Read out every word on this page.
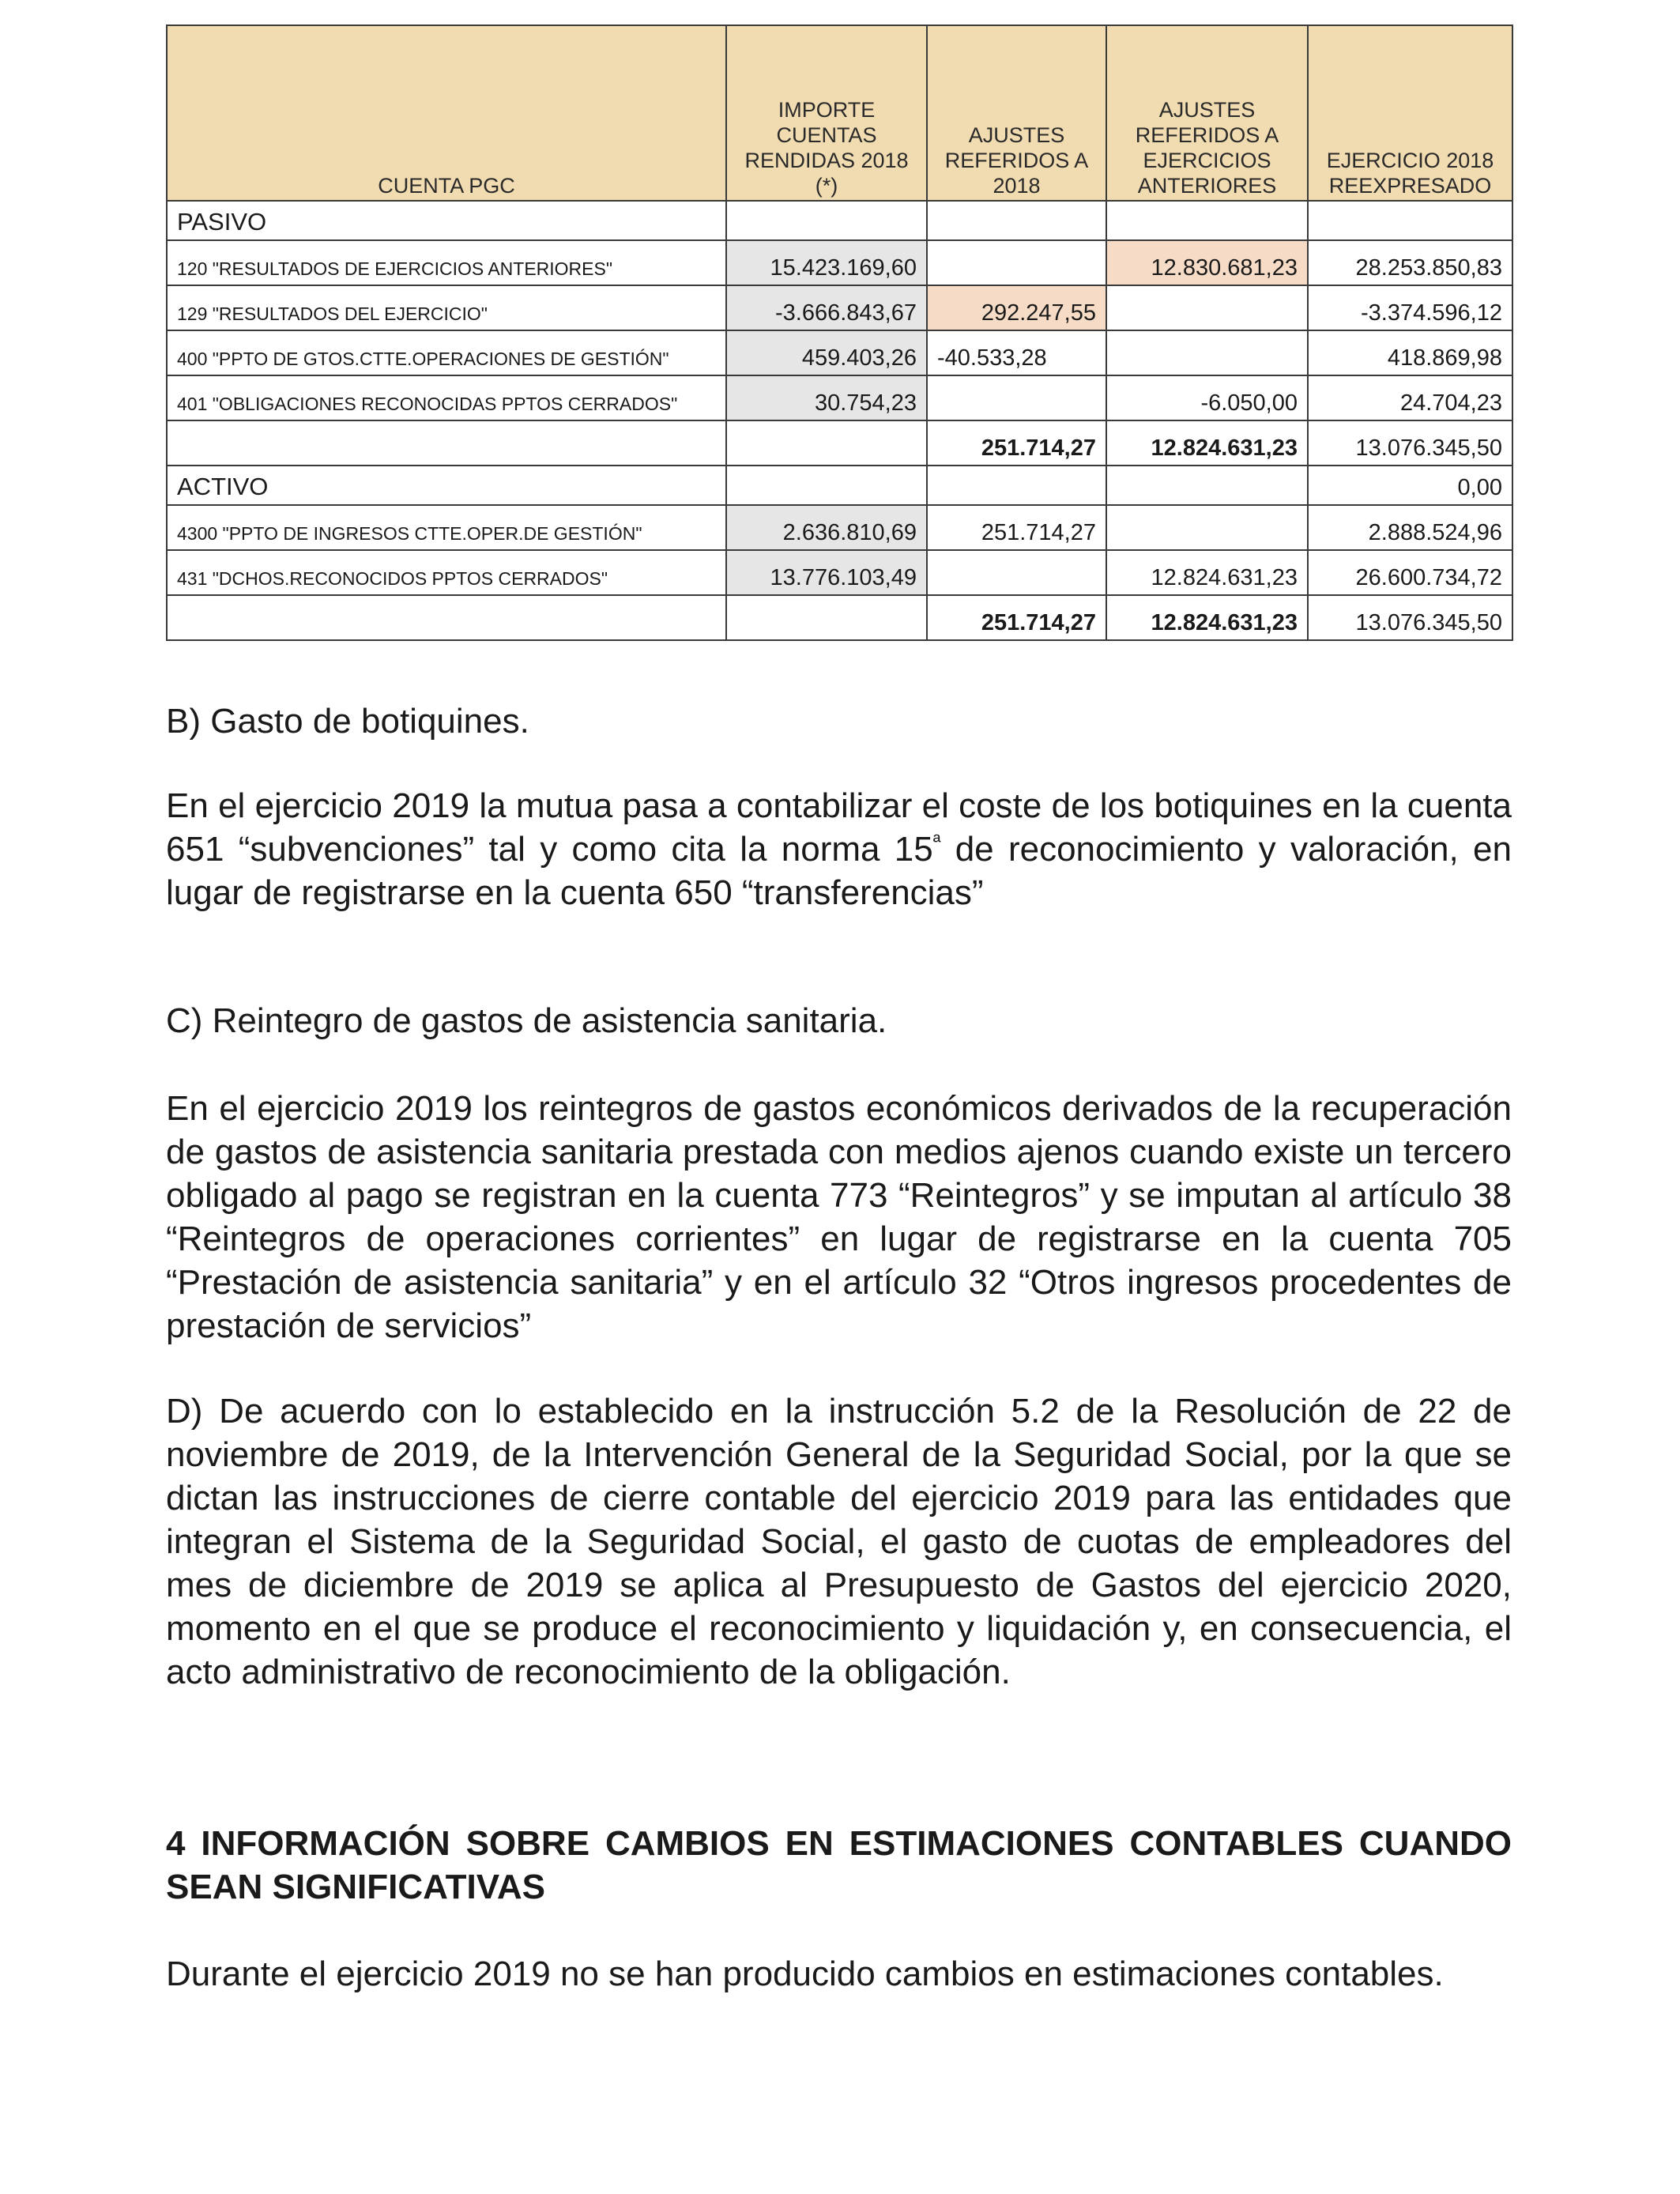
CUENTA PGC	IMPORTE
CUENTAS
RENDIDAS 2018
(*)	AJUSTES
REFERIDOS A
2018	AJUSTES
REFERIDOS A
EJERCICIOS
ANTERIORES	EJERCICIO 2018
REEXPRESADO
PASIVO				
120 "RESULTADOS DE EJERCICIOS ANTERIORES"	15.423.169,60		12.830.681,23	28.253.850,83
129 "RESULTADOS DEL EJERCICIO"	-3.666.843,67	292.247,55		-3.374.596,12
400 "PPTO DE GTOS.CTTE.OPERACIONES DE GESTIÓN"	459.403,26	-40.533,28		418.869,98
401 "OBLIGACIONES RECONOCIDAS PPTOS CERRADOS"	30.754,23		-6.050,00	24.704,23
		251.714,27	12.824.631,23	13.076.345,50
ACTIVO				0,00
4300 "PPTO DE INGRESOS CTTE.OPER.DE GESTIÓN"	2.636.810,69	251.714,27		2.888.524,96
431 "DCHOS.RECONOCIDOS PPTOS CERRADOS"	13.776.103,49		12.824.631,23	26.600.734,72
		251.714,27	12.824.631,23	13.076.345,50

B) Gasto de botiquines.

En el ejercicio 2019 la mutua pasa a contabilizar el coste de los botiquines en la cuenta 651 “subvenciones” tal y como cita la norma $15^ª$ de reconocimiento y valoración, en lugar de registrarse en la cuenta 650 “transferencias”

C) Reintegro de gastos de asistencia sanitaria.

En el ejercicio 2019 los reintegros de gastos económicos derivados de la recuperación de gastos de asistencia sanitaria prestada con medios ajenos cuando existe un tercero obligado al pago se registran en la cuenta 773 “Reintegros” y se imputan al artículo 38 “Reintegros de operaciones corrientes” en lugar de registrarse en la cuenta 705 “Prestación de asistencia sanitaria” y en el artículo 32 “Otros ingresos procedentes de prestación de servicios”

D) De acuerdo con lo establecido en la instrucción 5.2 de la Resolución de 22 de noviembre de 2019, de la Intervención General de la Seguridad Social, por la que se dictan las instrucciones de cierre contable del ejercicio 2019 para las entidades que integran el Sistema de la Seguridad Social, el gasto de cuotas de empleadores del mes de diciembre de 2019 se aplica al Presupuesto de Gastos del ejercicio 2020, momento en el que se produce el reconocimiento y liquidación y, en consecuencia, el acto administrativo de reconocimiento de la obligación.

4 INFORMACIÓN SOBRE CAMBIOS EN ESTIMACIONES CONTABLES CUANDO SEAN SIGNIFICATIVAS

Durante el ejercicio 2019 no se han producido cambios en estimaciones contables.
